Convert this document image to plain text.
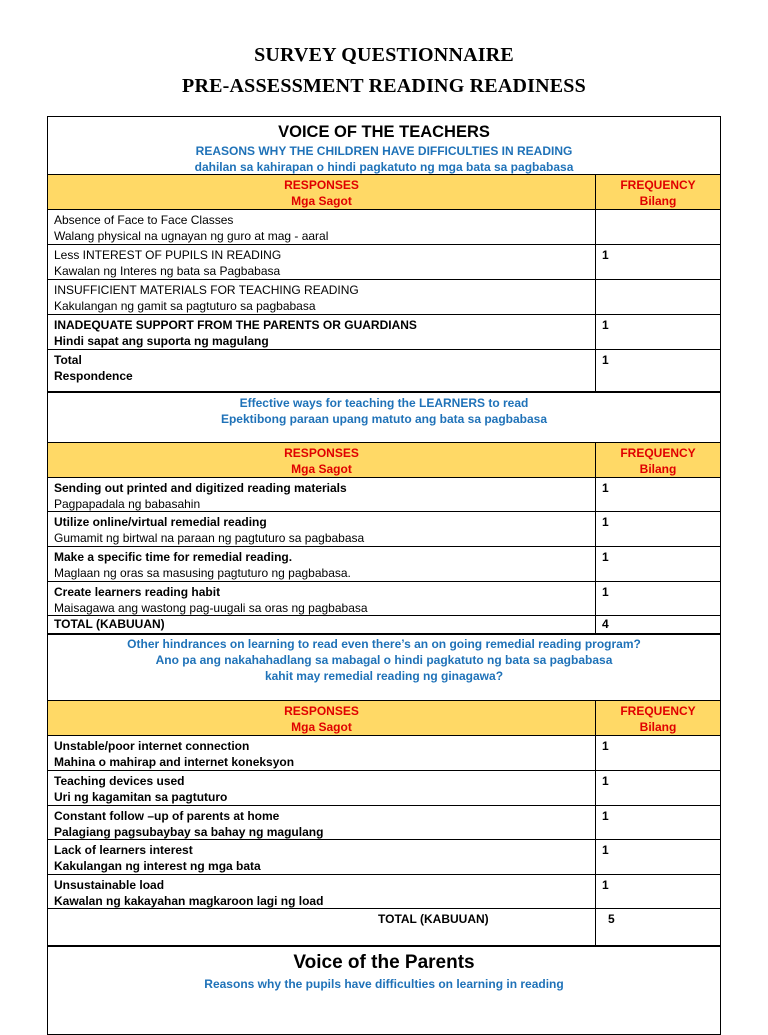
SURVEY QUESTIONNAIRE
PRE-ASSESSMENT READING READINESS
VOICE OF THE TEACHERS
REASONS WHY THE CHILDREN HAVE DIFFICULTIES IN READING
dahilan sa kahirapan o hindi pagkatuto ng mga bata sa pagbabasa
RESPONSES
Mga Sagot
FREQUENCY
Bilang
Absence of Face to Face Classes
Walang physical na ugnayan ng guro at mag - aaral
Less INTEREST OF PUPILS IN READING
Kawalan ng Interes ng bata sa Pagbabasa
1
INSUFFICIENT MATERIALS FOR TEACHING READING
Kakulangan ng gamit sa pagtuturo sa pagbabasa
INADEQUATE SUPPORT FROM THE PARENTS OR GUARDIANS
Hindi sapat ang suporta ng magulang
1
Total
Respondence
1
Effective ways for teaching the LEARNERS to read
Epektibong paraan upang matuto ang bata sa pagbabasa
RESPONSES
Mga Sagot
FREQUENCY
Bilang
Sending out printed and digitized reading materials
Pagpapadala ng babasahin
1
Utilize online/virtual remedial reading
Gumamit ng birtwal na paraan ng pagtuturo sa pagbabasa
1
Make a specific time for remedial reading.
Maglaan ng oras sa masusing pagtuturo ng pagbabasa.
1
Create learners reading habit
Maisagawa ang wastong pag-uugali sa oras ng pagbabasa
1
TOTAL (KABUUAN)	4
Other hindrances on learning to read even there’s an on going remedial reading program?
Ano pa ang nakahahadlang sa mabagal o hindi pagkatuto ng bata sa pagbabasa
kahit may remedial reading ng ginagawa?
RESPONSES
Mga Sagot
FREQUENCY
Bilang
Unstable/poor internet connection
Mahina o mahirap and internet koneksyon
1
Teaching devices used
Uri ng kagamitan sa pagtuturo
1
Constant follow –up of parents at home
Palagiang pagsubaybay sa bahay ng magulang
1
Lack of learners interest
Kakulangan ng interest ng mga bata
1
Unsustainable load
Kawalan ng kakayahan magkaroon lagi ng load
1
TOTAL (KABUUAN)	5
Voice of the Parents
Reasons why the pupils have difficulties on learning in reading
